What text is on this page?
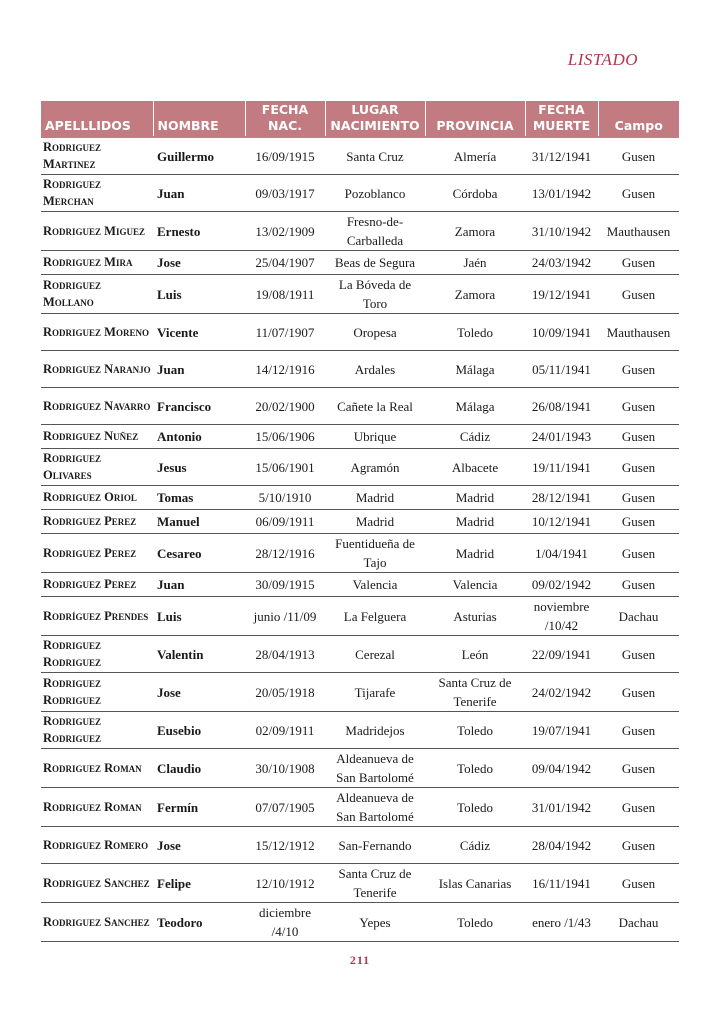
LISTADO
APELLLIDOS	NOMBRE	FECHA NAC.	LUGAR NACIMIENTO	PROVINCIA	FECHA MUERTE	Campo
Rodriguez Martinez	Guillermo	16/09/1915	Santa Cruz	Almería	31/12/1941	Gusen
Rodriguez Merchan	Juan	09/03/1917	Pozoblanco	Córdoba	13/01/1942	Gusen
Rodriguez Miguez	Ernesto	13/02/1909	Fresno-de-Carballeda	Zamora	31/10/1942	Mauthausen
Rodriguez Mira	Jose	25/04/1907	Beas de Segura	Jaén	24/03/1942	Gusen
Rodriguez Mollano	Luis	19/08/1911	La Bóveda de Toro	Zamora	19/12/1941	Gusen
Rodriguez Moreno	Vicente	11/07/1907	Oropesa	Toledo	10/09/1941	Mauthausen
Rodriguez Naranjo	Juan	14/12/1916	Ardales	Málaga	05/11/1941	Gusen
Rodriguez Navarro	Francisco	20/02/1900	Cañete la Real	Málaga	26/08/1941	Gusen
Rodriguez Nuñez	Antonio	15/06/1906	Ubrique	Cádiz	24/01/1943	Gusen
Rodriguez Olivares	Jesus	15/06/1901	Agramón	Albacete	19/11/1941	Gusen
Rodriguez Oriol	Tomas	5/10/1910	Madrid	Madrid	28/12/1941	Gusen
Rodriguez Perez	Manuel	06/09/1911	Madrid	Madrid	10/12/1941	Gusen
Rodriguez Perez	Cesareo	28/12/1916	Fuentidueña de Tajo	Madrid	1/04/1941	Gusen
Rodriguez Perez	Juan	30/09/1915	Valencia	Valencia	09/02/1942	Gusen
Rodríguez Prendes	Luis	junio /11/09	La Felguera	Asturias	noviembre /10/42	Dachau
Rodriguez Rodriguez	Valentin	28/04/1913	Cerezal	León	22/09/1941	Gusen
Rodriguez Rodriguez	Jose	20/05/1918	Tijarafe	Santa Cruz de Tenerife	24/02/1942	Gusen
Rodriguez Rodriguez	Eusebio	02/09/1911	Madridejos	Toledo	19/07/1941	Gusen
Rodriguez Roman	Claudio	30/10/1908	Aldeanueva de San Bartolomé	Toledo	09/04/1942	Gusen
Rodriguez Roman	Fermín	07/07/1905	Aldeanueva de San Bartolomé	Toledo	31/01/1942	Gusen
Rodriguez Romero	Jose	15/12/1912	San-Fernando	Cádiz	28/04/1942	Gusen
Rodriguez Sanchez	Felipe	12/10/1912	Santa Cruz de Tenerife	Islas Canarias	16/11/1941	Gusen
Rodriguez Sanchez	Teodoro	diciembre /4/10	Yepes	Toledo	enero /1/43	Dachau
211
